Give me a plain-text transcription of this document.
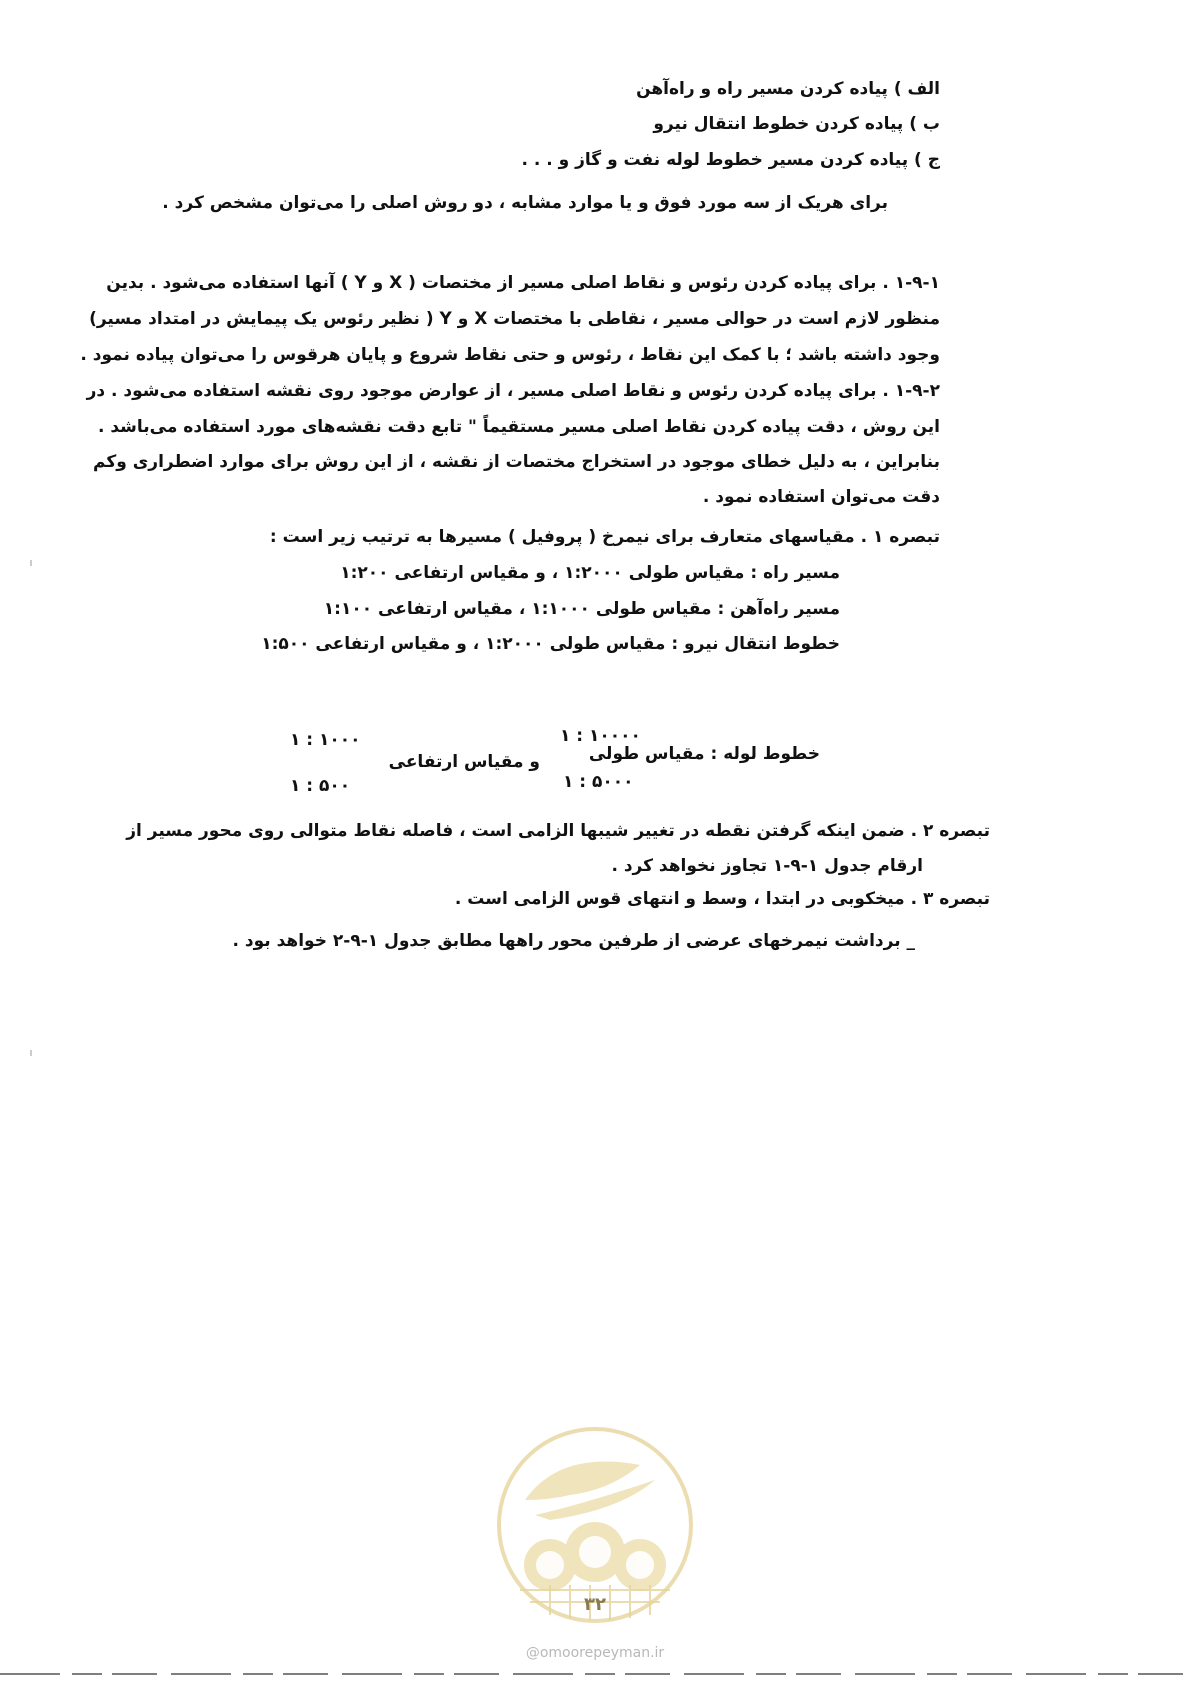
الف ) پیاده کردن مسیر راه و راه‌آهن
ب ) پیاده کردن خطوط انتقال نیرو
ج ) پیاده کردن مسیر خطوط لوله نفت و گاز و . . .
برای هریک از سه مورد فوق و یا موارد مشابه ، دو روش اصلی را می‌توان مشخص کرد .
۱-۹-۱ . برای پیاده کردن رئوس و نقاط اصلی مسیر از مختصات ( X و Y ) آنها استفاده می‌شود . بدین
منظور لازم است در حوالی مسیر ، نقاطی با مختصات X و Y ( نظیر رئوس یک پیمایش در امتداد مسیر)
وجود داشته باشد ؛ با کمک این نقاط ، رئوس و حتی نقاط شروع و پایان هرقوس را می‌توان پیاده نمود .
۱-۹-۲ . برای پیاده کردن رئوس و نقاط اصلی مسیر ، از عوارض موجود روی نقشه استفاده می‌شود . در
این روش ، دقت پیاده کردن نقاط اصلی مسیر مستقیماً " تابع دقت نقشه‌های مورد استفاده می‌باشد .
بنابراین ، به دلیل خطای موجود در استخراج مختصات از نقشه ، از این روش برای موارد اضطراری وکم
دقت می‌توان استفاده نمود .
تبصره ۱ . مقیاسهای متعارف برای نیمرخ ( پروفیل ) مسیرها به ترتیب زیر است :
مسیر راه : مقیاس طولی ۱:۲۰۰۰ ، و مقیاس ارتفاعی ۱:۲۰۰
مسیر راه‌آهن : مقیاس طولی ۱:۱۰۰۰ ، مقیاس ارتفاعی ۱:۱۰۰
خطوط انتقال نیرو : مقیاس طولی ۱:۲۰۰۰ ، و مقیاس ارتفاعی ۱:۵۰۰
خطوط لوله : مقیاس طولی
۱ : ۱۰۰۰۰
۱ : ۵۰۰۰
و مقیاس ارتفاعی
۱ : ۱۰۰۰
۱ : ۵۰۰
تبصره ۲ . ضمن اینکه گرفتن نقطه در تغییر شیبها الزامی است ، فاصله نقاط متوالی روی محور مسیر از
ارقام جدول ۱-۹-۱ تجاوز نخواهد کرد .
تبصره ۳ . میخکوبی در ابتدا ، وسط و انتهای قوس الزامی است .
_ برداشت نیمرخهای عرضی از طرفین محور راهها مطابق جدول ۱-۹-۲ خواهد بود .
۳۲
@omoorepeyman.ir
